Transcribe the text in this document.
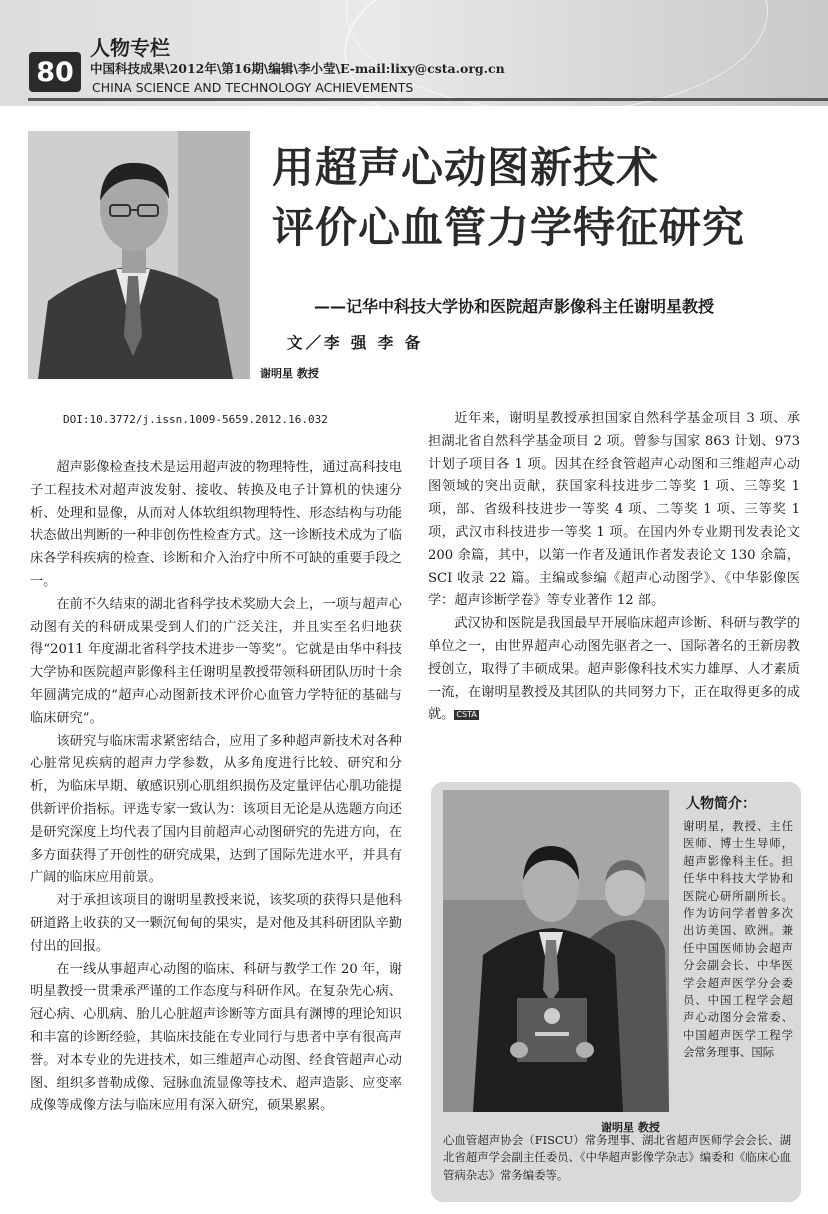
80
人物专栏
中国科技成果\2012年\第16期\编辑\李小莹\E-mail:lixy@csta.org.cn
CHINA SCIENCE AND TECHNOLOGY ACHIEVEMENTS
谢明星 教授
用超声心动图新技术
评价心血管力学特征研究
——记华中科技大学协和医院超声影像科主任谢明星教授
文／李 强 李 备
DOI:10.3772/j.issn.1009-5659.2012.16.032

超声影像检查技术是运用超声波的物理特性，通过高科技电子工程技术对超声波发射、接收、转换及电子计算机的快速分析、处理和显像，从而对人体软组织物理特性、形态结构与功能状态做出判断的一种非创伤性检查方式。这一诊断技术成为了临床各学科疾病的检查、诊断和介入治疗中所不可缺的重要手段之一。

在前不久结束的湖北省科学技术奖励大会上，一项与超声心动图有关的科研成果受到人们的广泛关注，并且实至名归地获得“2011 年度湖北省科学技术进步一等奖”。它就是由华中科技大学协和医院超声影像科主任谢明星教授带领科研团队历时十余年圆满完成的“超声心动图新技术评价心血管力学特征的基础与临床研究”。

该研究与临床需求紧密结合，应用了多种超声新技术对各种心脏常见疾病的超声力学参数，从多角度进行比较、研究和分析，为临床早期、敏感识别心肌组织损伤及定量评估心肌功能提供新评价指标。评选专家一致认为：该项目无论是从选题方向还是研究深度上均代表了国内目前超声心动图研究的先进方向，在多方面获得了开创性的研究成果，达到了国际先进水平，并具有广阔的临床应用前景。

对于承担该项目的谢明星教授来说，该奖项的获得只是他科研道路上收获的又一颗沉甸甸的果实，是对他及其科研团队辛勤付出的回报。

在一线从事超声心动图的临床、科研与教学工作 20 年，谢明星教授一贯秉承严谨的工作态度与科研作风。在复杂先心病、冠心病、心肌病、胎儿心脏超声诊断等方面具有渊博的理论知识和丰富的诊断经验，其临床技能在专业同行与患者中享有很高声誉。对本专业的先进技术，如三维超声心动图、经食管超声心动图、组织多普勒成像、冠脉血流显像等技术、超声造影、应变率成像等成像方法与临床应用有深入研究，硕果累累。

近年来，谢明星教授承担国家自然科学基金项目 3 项、承担湖北省自然科学基金项目 2 项。曾参与国家 863 计划、973 计划子项目各 1 项。因其在经食管超声心动图和三维超声心动图领域的突出贡献，获国家科技进步二等奖 1 项、三等奖 1 项，部、省级科技进步一等奖 4 项、二等奖 1 项、三等奖 1 项，武汉市科技进步一等奖 1 项。在国内外专业期刊发表论文 200 余篇，其中，以第一作者及通讯作者发表论文 130 余篇，SCI 收录 22 篇。主编或参编《超声心动图学》、《中华影像医学：超声诊断学卷》等专业著作 12 部。

武汉协和医院是我国最早开展临床超声诊断、科研与教学的单位之一，由世界超声心动图先驱者之一、国际著名的王新房教授创立，取得了丰硕成果。超声影像科技术实力雄厚、人才素质一流，在谢明星教授及其团队的共同努力下，正在取得更多的成就。 CSTA

谢明星 教授
人物简介：
谢明星，教授、主任医师、博士生导师，超声影像科主任。担任华中科技大学协和医院心研所副所长。作为访问学者曾多次出访美国、欧洲。兼任中国医师协会超声分会副会长、中华医学会超声医学分会委员、中国工程学会超声心动图分会常委、中国超声医学工程学会常务理事、国际
心血管超声协会（FISCU）常务理事、湖北省超声医师学会会长、湖北省超声学会副主任委员、《中华超声影像学杂志》编委和《临床心血管病杂志》常务编委等。
